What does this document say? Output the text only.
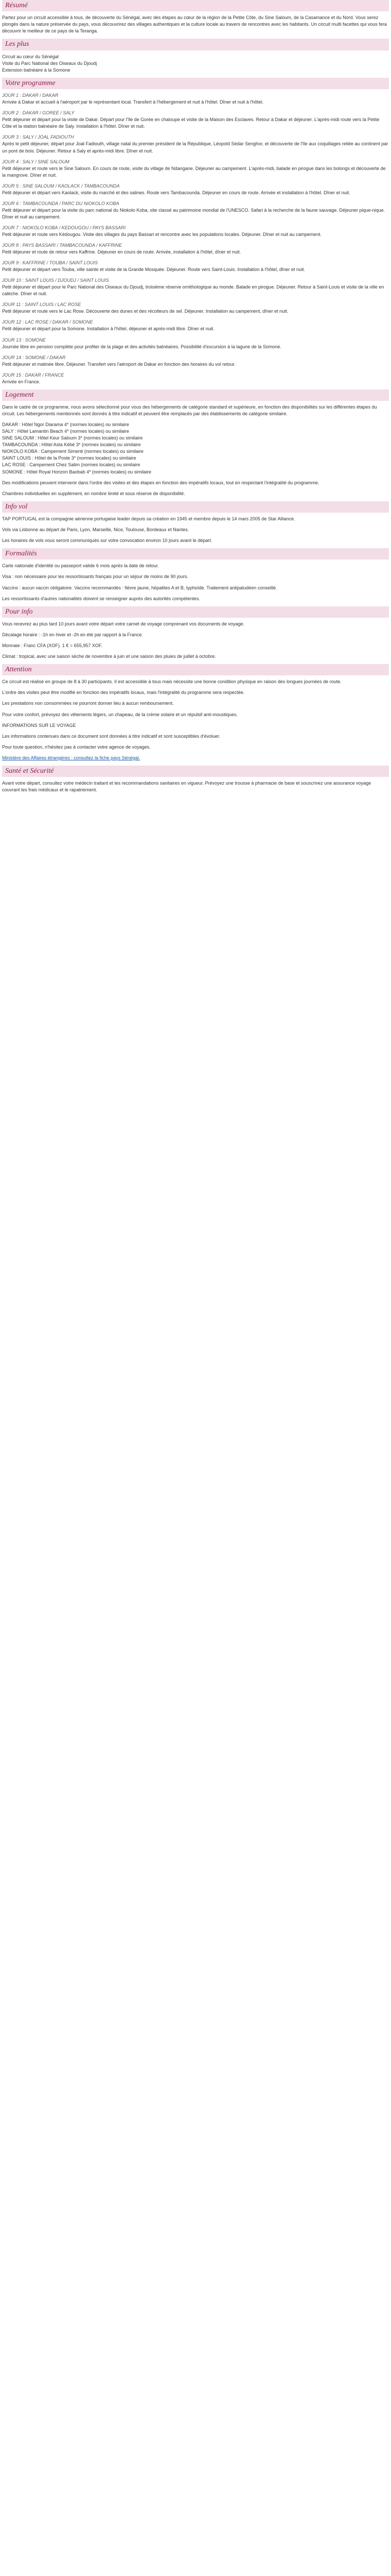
Résumé

Partez pour un circuit accessible à tous, de découverte du Sénégal, avec des étapes au cœur de la région de la Petite Côte, du Sine Saloum, de la Casamance et du Nord. Vous serez plongés dans la nature préservée du pays, vous découvrirez des villages authentiques et la culture locale au travers de rencontres avec les habitants. Un circuit multi facettes qui vous fera découvrir le meilleur de ce pays de la Teranga.

Les plus

Circuit au cœur du Sénégal
Visite du Parc National des Oiseaux du Djoudj
Extension balnéaire à la Somone

Votre programme
JOUR 1 : DAKAR / DAKAR
Arrivée à Dakar et accueil à l'aéroport par le représentant local. Transfert à l'hébergement et nuit à l'hôtel. Dîner et nuit à l'hôtel.
JOUR 2 : DAKAR / GOREE / SALY
Petit déjeuner et départ pour la visite de Dakar. Départ pour l'île de Gorée en chaloupe et visite de la Maison des Esclaves. Retour à Dakar et déjeuner. L'après-midi route vers la Petite Côte et la station balnéaire de Saly. Installation à l'hôtel. Dîner et nuit.
JOUR 3 : SALY / JOAL FADIOUTH
Après le petit déjeuner, départ pour Joal Fadiouth, village natal du premier président de la République, Léopold Sédar Senghor, et découverte de l'île aux coquillages reliée au continent par un pont de bois. Déjeuner. Retour à Saly et après-midi libre. Dîner et nuit.
JOUR 4 : SALY / SINE SALOUM
Petit déjeuner et route vers le Sine Saloum. En cours de route, visite du village de Ndangane. Déjeuner au campement. L'après-midi, balade en pirogue dans les bolongs et découverte de la mangrove. Dîner et nuit.
JOUR 5 : SINE SALOUM / KAOLACK / TAMBACOUNDA
Petit déjeuner et départ vers Kaolack, visite du marché et des salines. Route vers Tambacounda. Déjeuner en cours de route. Arrivée et installation à l'hôtel. Dîner et nuit.
JOUR 6 : TAMBACOUNDA / PARC DU NIOKOLO KOBA
Petit déjeuner et départ pour la visite du parc national du Niokolo Koba, site classé au patrimoine mondial de l'UNESCO. Safari à la recherche de la faune sauvage. Déjeuner pique-nique. Dîner et nuit au campement.
JOUR 7 : NIOKOLO KOBA / KEDOUGOU / PAYS BASSARI
Petit déjeuner et route vers Kédougou. Visite des villages du pays Bassari et rencontre avec les populations locales. Déjeuner. Dîner et nuit au campement.
JOUR 8 : PAYS BASSARI / TAMBACOUNDA / KAFFRINE
Petit déjeuner et route de retour vers Kaffrine. Déjeuner en cours de route. Arrivée, installation à l'hôtel, dîner et nuit.
JOUR 9 : KAFFRINE / TOUBA / SAINT LOUIS
Petit déjeuner et départ vers Touba, ville sainte et visite de la Grande Mosquée. Déjeuner. Route vers Saint-Louis. Installation à l'hôtel, dîner et nuit.
JOUR 10 : SAINT LOUIS / DJOUDJ / SAINT LOUIS
Petit déjeuner et départ pour le Parc National des Oiseaux du Djoudj, troisième réserve ornithologique au monde. Balade en pirogue. Déjeuner. Retour à Saint-Louis et visite de la ville en calèche. Dîner et nuit.
JOUR 11 : SAINT LOUIS / LAC ROSE
Petit déjeuner et route vers le Lac Rose. Découverte des dunes et des récolteurs de sel. Déjeuner. Installation au campement, dîner et nuit.
JOUR 12 : LAC ROSE / DAKAR / SOMONE
Petit déjeuner et départ pour la Somone. Installation à l'hôtel, déjeuner et après-midi libre. Dîner et nuit.
JOUR 13 : SOMONE
Journée libre en pension complète pour profiter de la plage et des activités balnéaires. Possibilité d'excursion à la lagune de la Somone.
JOUR 14 : SOMONE / DAKAR
Petit déjeuner et matinée libre. Déjeuner. Transfert vers l'aéroport de Dakar en fonction des horaires du vol retour.
JOUR 15 : DAKAR / FRANCE
Arrivée en France.
Logement

Dans le cadre de ce programme, nous avons sélectionné pour vous des hébergements de catégorie standard et supérieure, en fonction des disponibilités sur les différentes étapes du circuit. Les hébergements mentionnés sont donnés à titre indicatif et peuvent être remplacés par des établissements de catégorie similaire.

DAKAR : Hôtel Ngor Diarama 4* (normes locales) ou similaire
SALY : Hôtel Lamantin Beach 4* (normes locales) ou similaire
SINE SALOUM : Hôtel Keur Saloum 3* (normes locales) ou similaire
TAMBACOUNDA : Hôtel Asta Kébé 3* (normes locales) ou similaire
NIOKOLO KOBA : Campement Simenti (normes locales) ou similaire
SAINT LOUIS : Hôtel de la Poste 3* (normes locales) ou similaire
LAC ROSE : Campement Chez Salim (normes locales) ou similaire
SOMONE : Hôtel Royal Horizon Baobab 4* (normes locales) ou similaire

Des modifications peuvent intervenir dans l'ordre des visites et des étapes en fonction des impératifs locaux, tout en respectant l'intégralité du programme.

Chambres individuelles en supplément, en nombre limité et sous réserve de disponibilité.

Info vol

TAP PORTUGAL est la compagnie aérienne portugaise leader depuis sa création en 1945 et membre depuis le 14 mars 2005 de Star Alliance.

Vols via Lisbonne au départ de Paris, Lyon, Marseille, Nice, Toulouse, Bordeaux et Nantes.

Les horaires de vols vous seront communiqués sur votre convocation environ 10 jours avant le départ.

Formalités

Carte nationale d'identité ou passeport valide 6 mois après la date de retour.

Visa : non nécessaire pour les ressortissants français pour un séjour de moins de 90 jours.

Vaccins : aucun vaccin obligatoire. Vaccins recommandés : fièvre jaune, hépatites A et B, typhoïde. Traitement antipaludéen conseillé.

Les ressortissants d'autres nationalités doivent se renseigner auprès des autorités compétentes.

Pour info

Vous recevrez au plus tard 10 jours avant votre départ votre carnet de voyage comprenant vos documents de voyage.

Décalage horaire : -1h en hiver et -2h en été par rapport à la France.

Monnaie : Franc CFA (XOF). 1 € = 655,957 XOF.

Climat : tropical, avec une saison sèche de novembre à juin et une saison des pluies de juillet à octobre.

Attention

Ce circuit est réalisé en groupe de 8 à 30 participants. Il est accessible à tous mais nécessite une bonne condition physique en raison des longues journées de route.

L'ordre des visites peut être modifié en fonction des impératifs locaux, mais l'intégralité du programme sera respectée.

Les prestations non consommées ne pourront donner lieu à aucun remboursement.

Pour votre confort, prévoyez des vêtements légers, un chapeau, de la crème solaire et un répulsif anti-moustiques.

INFORMATIONS SUR LE VOYAGE

Les informations contenues dans ce document sont données à titre indicatif et sont susceptibles d'évoluer.

Pour toute question, n'hésitez pas à contacter votre agence de voyages.

Ministère des Affaires étrangères : consultez la fiche pays Sénégal.

Santé et Sécurité

Avant votre départ, consultez votre médecin traitant et les recommandations sanitaires en vigueur. Prévoyez une trousse à pharmacie de base et souscrivez une assurance voyage couvrant les frais médicaux et le rapatriement.
